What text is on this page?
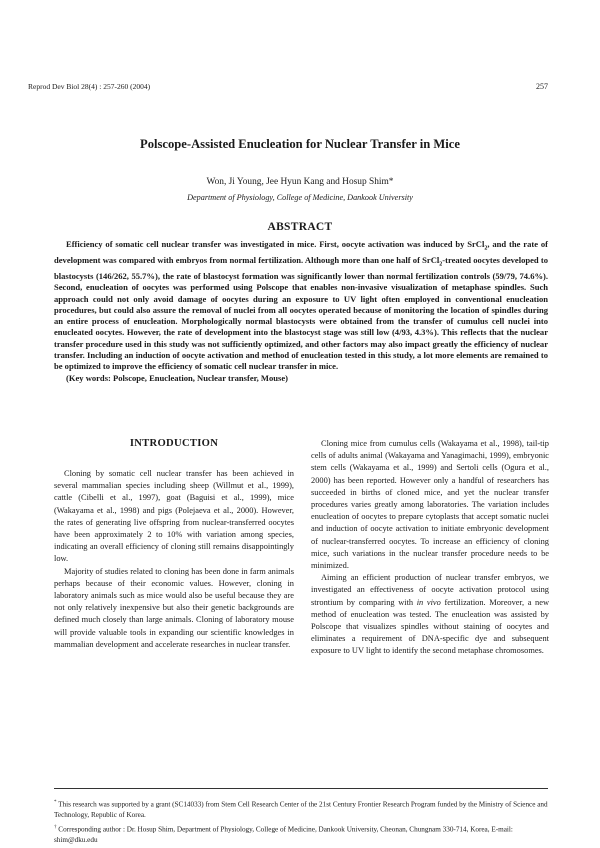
Reprod Dev Biol 28(4) : 257-260 (2004)	257
Polscope-Assisted Enucleation for Nuclear Transfer in Mice
Won, Ji Young, Jee Hyun Kang and Hosup Shim*
Department of Physiology, College of Medicine, Dankook University
ABSTRACT

Efficiency of somatic cell nuclear transfer was investigated in mice. First, oocyte activation was induced by SrCl$_2$, and the rate of development was compared with embryos from normal fertilization. Although more than one half of SrCl$_2$-treated oocytes developed to blastocysts (146/262, 55.7%), the rate of blastocyst formation was significantly lower than normal fertilization controls (59/79, 74.6%). Second, enucleation of oocytes was performed using Polscope that enables non-invasive visualization of metaphase spindles. Such approach could not only avoid damage of oocytes during an exposure to UV light often employed in conventional enucleation procedures, but could also assure the removal of nuclei from all oocytes operated because of monitoring the location of spindles during an entire process of enucleation. Morphologically normal blastocysts were obtained from the transfer of cumulus cell nuclei into enucleated oocytes. However, the rate of development into the blastocyst stage was still low (4/93, 4.3%). This reflects that the nuclear transfer procedure used in this study was not sufficiently optimized, and other factors may also impact greatly the efficiency of nuclear transfer. Including an induction of oocyte activation and method of enucleation tested in this study, a lot more elements are remained to be optimized to improve the efficiency of somatic cell nuclear transfer in mice.

(Key words: Polscope, Enucleation, Nuclear transfer, Mouse)

INTRODUCTION

Cloning by somatic cell nuclear transfer has been achieved in several mammalian species including sheep (Willmut et al., 1999), cattle (Cibelli et al., 1997), goat (Baguisi et al., 1999), mice (Wakayama et al., 1998) and pigs (Polejaeva et al., 2000). However, the rates of generating live offspring from nuclear-transferred oocytes have been approximately 2 to 10% with variation among species, indicating an overall efficiency of cloning still remains disappointingly low.

Majority of studies related to cloning has been done in farm animals perhaps because of their economic values. However, cloning in laboratory animals such as mice would also be useful because they are not only relatively inexpensive but also their genetic backgrounds are defined much closely than large animals. Cloning of laboratory mouse will provide valuable tools in expanding our scientific knowledges in mammalian development and accelerate researches in nuclear transfer.

Cloning mice from cumulus cells (Wakayama et al., 1998), tail-tip cells of adults animal (Wakayama and Yanagimachi, 1999), embryonic stem cells (Wakayama et al., 1999) and Sertoli cells (Ogura et al., 2000) has been reported. However only a handful of researchers has succeeded in births of cloned mice, and yet the nuclear transfer procedures varies greatly among laboratories. The variation includes enucleation of oocytes to prepare cytoplasts that accept somatic nuclei and induction of oocyte activation to initiate embryonic development of nuclear-transferred oocytes. To increase an efficiency of cloning mice, such variations in the nuclear transfer procedure needs to be minimized.

Aiming an efficient production of nuclear transfer embryos, we investigated an effectiveness of oocyte activation protocol using strontium by comparing with in vivo fertilization. Moreover, a new method of enucleation was tested. The enucleation was assisted by Polscope that visualizes spindles without staining of oocytes and eliminates a requirement of DNA-specific dye and subsequent exposure to UV light to identify the second metaphase chromosomes.

* This research was supported by a grant (SC14033) from Stem Cell Research Center of the 21st Century Frontier Research Program funded by the Ministry of Science and Technology, Republic of Korea.
† Corresponding author : Dr. Hosup Shim, Department of Physiology, College of Medicine, Dankook University, Cheonan, Chungnam 330-714, Korea, E-mail: shim@dku.edu
